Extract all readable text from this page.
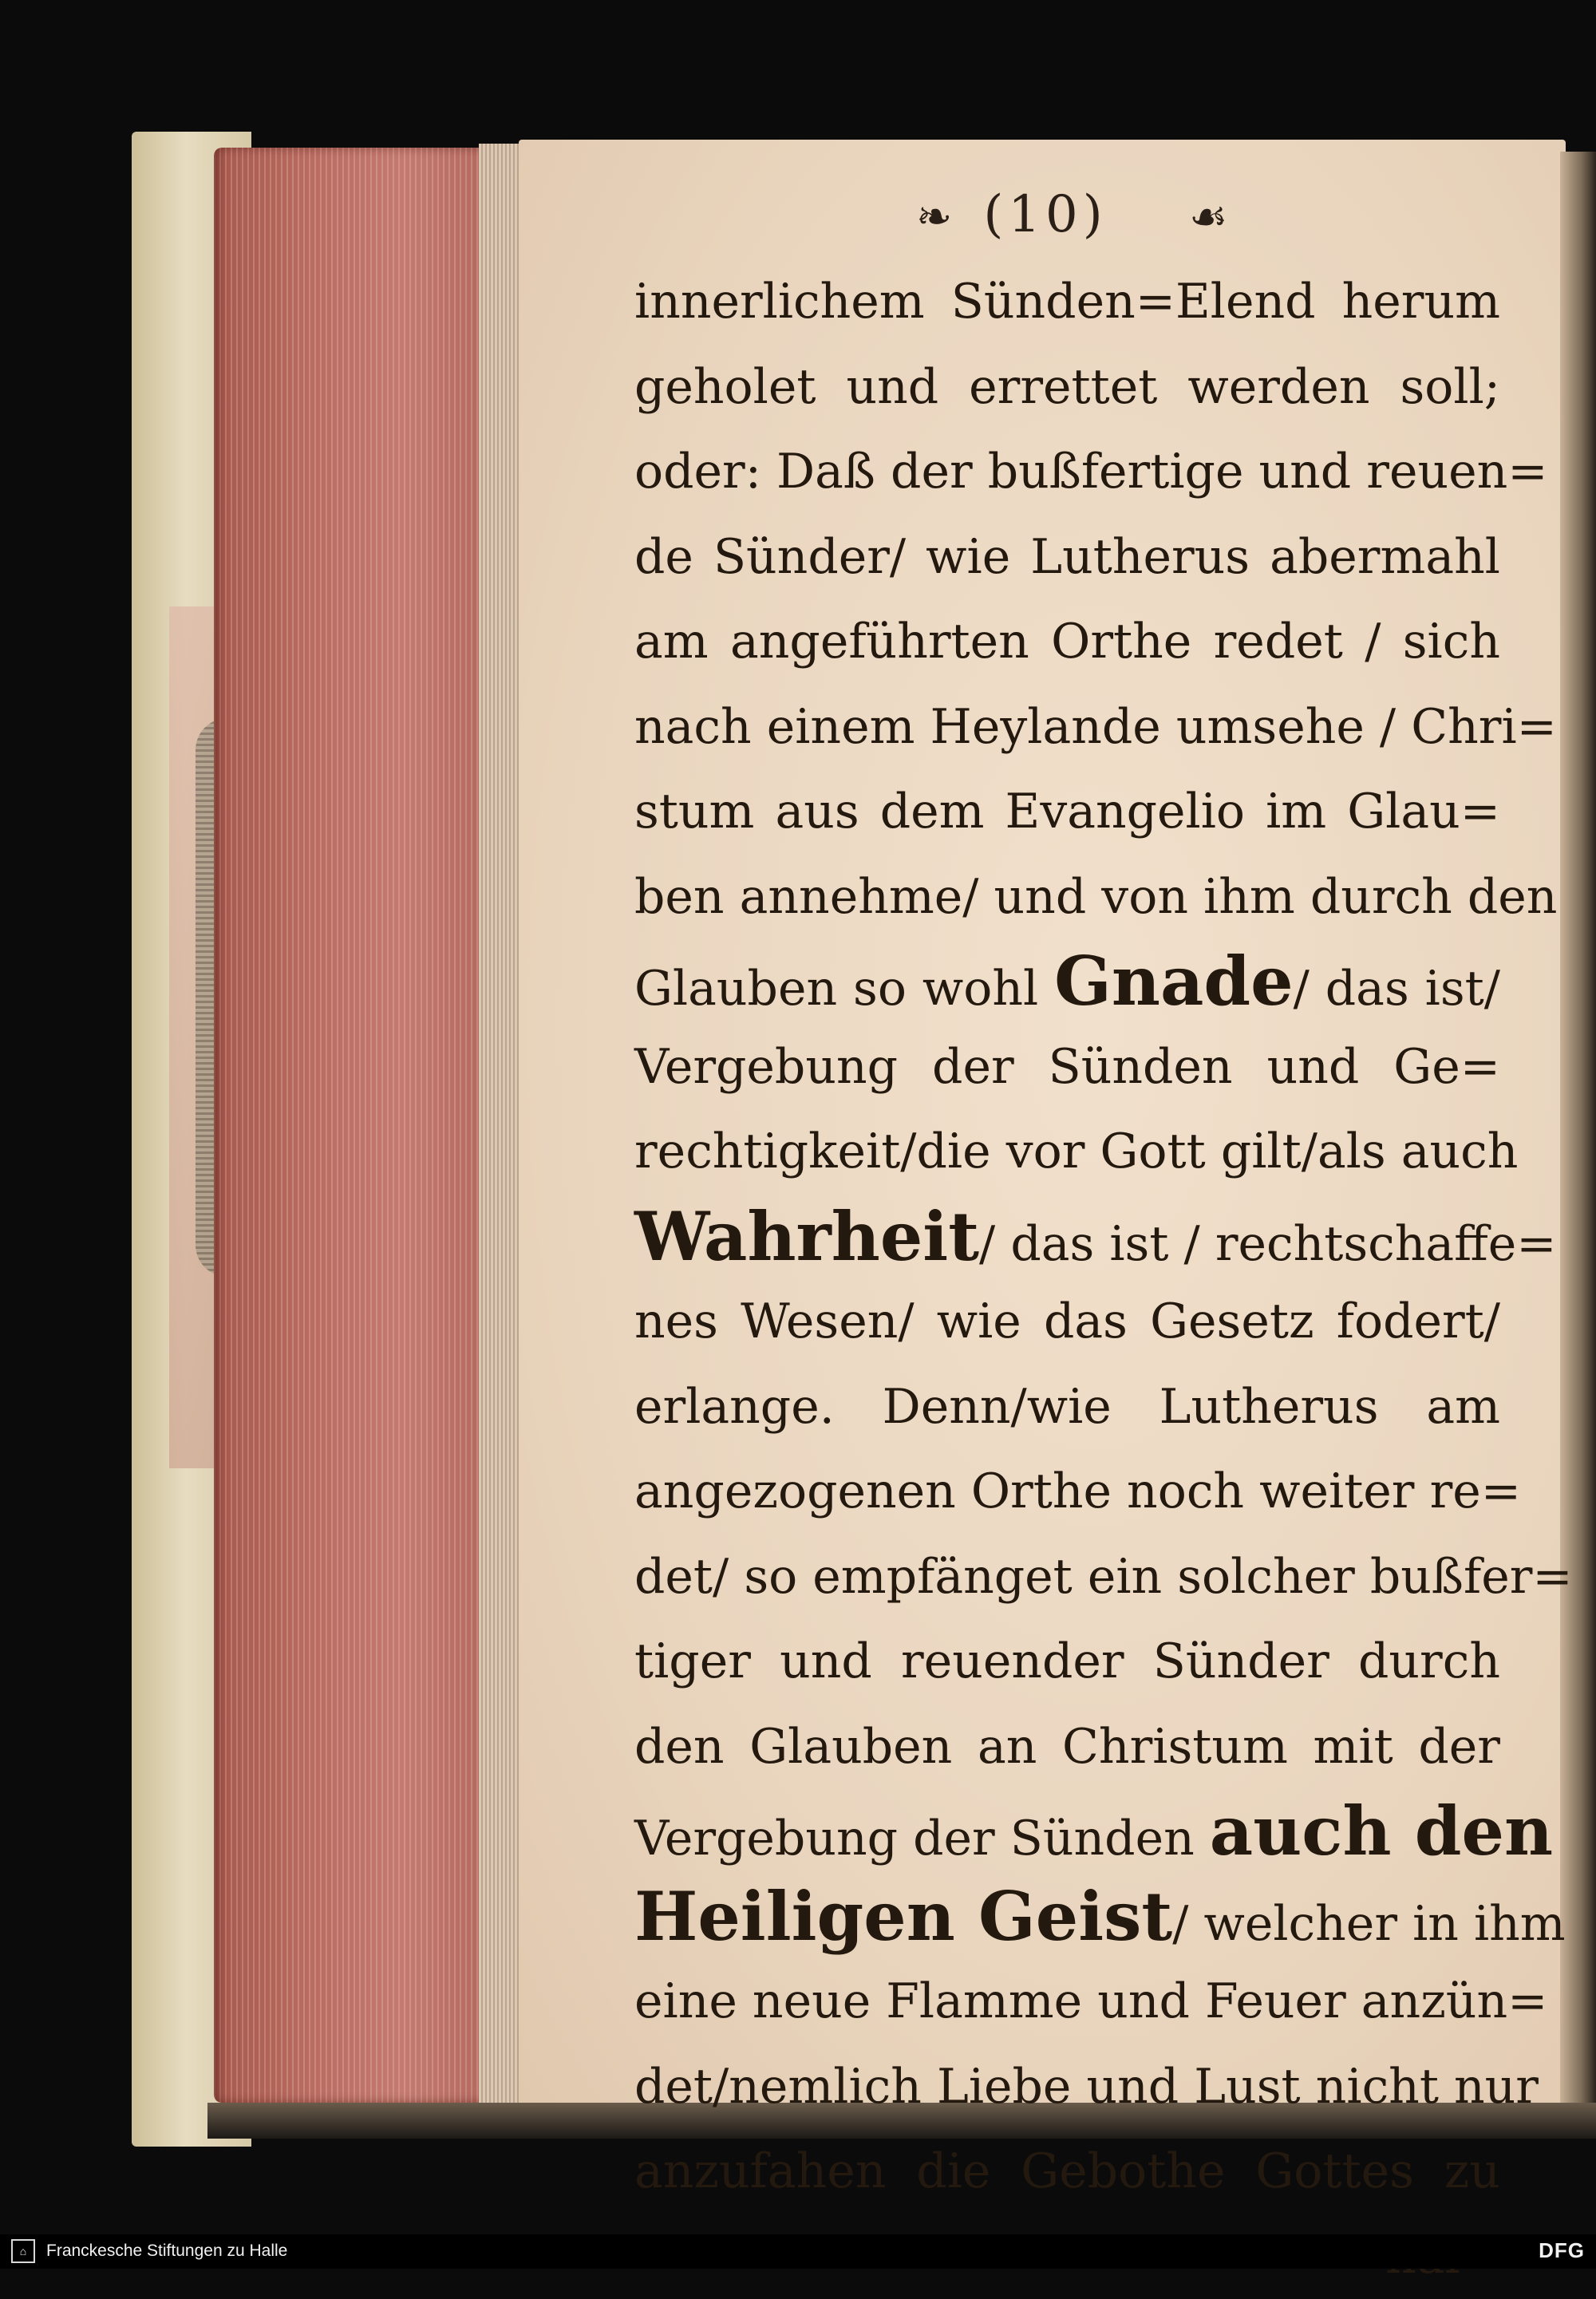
❧ (10)	☙
innerlichem Sünden=Elend herum
geholet und errettet werden soll;
oder: Daß der bußfertige und reuen=
de Sünder/ wie Lutherus abermahl
am angeführten Orthe redet / sich
nach einem Heylande umsehe / Chri=
stum aus dem Evangelio im Glau=
ben annehme/ und von ihm durch den
Glauben so wohl Gnade/ das ist/
Vergebung der Sünden und Ge=
rechtigkeit/die vor Gott gilt/als auch
Wahrheit/ das ist / rechtschaffe=
nes Wesen/ wie das Gesetz fodert/
erlange. Denn/wie Lutherus am
angezogenen Orthe noch weiter re=
det/ so empfänget ein solcher bußfer=
tiger und reuender Sünder durch
den Glauben an Christum mit der
Vergebung der Sünden auch den
Heiligen Geist/ welcher in ihm
eine neue Flamme und Feuer anzün=
det/nemlich Liebe und Lust nicht nur
anzufahen die Gebothe Gottes zu
⌂	Franckesche Stiftungen zu Halle	DFG
